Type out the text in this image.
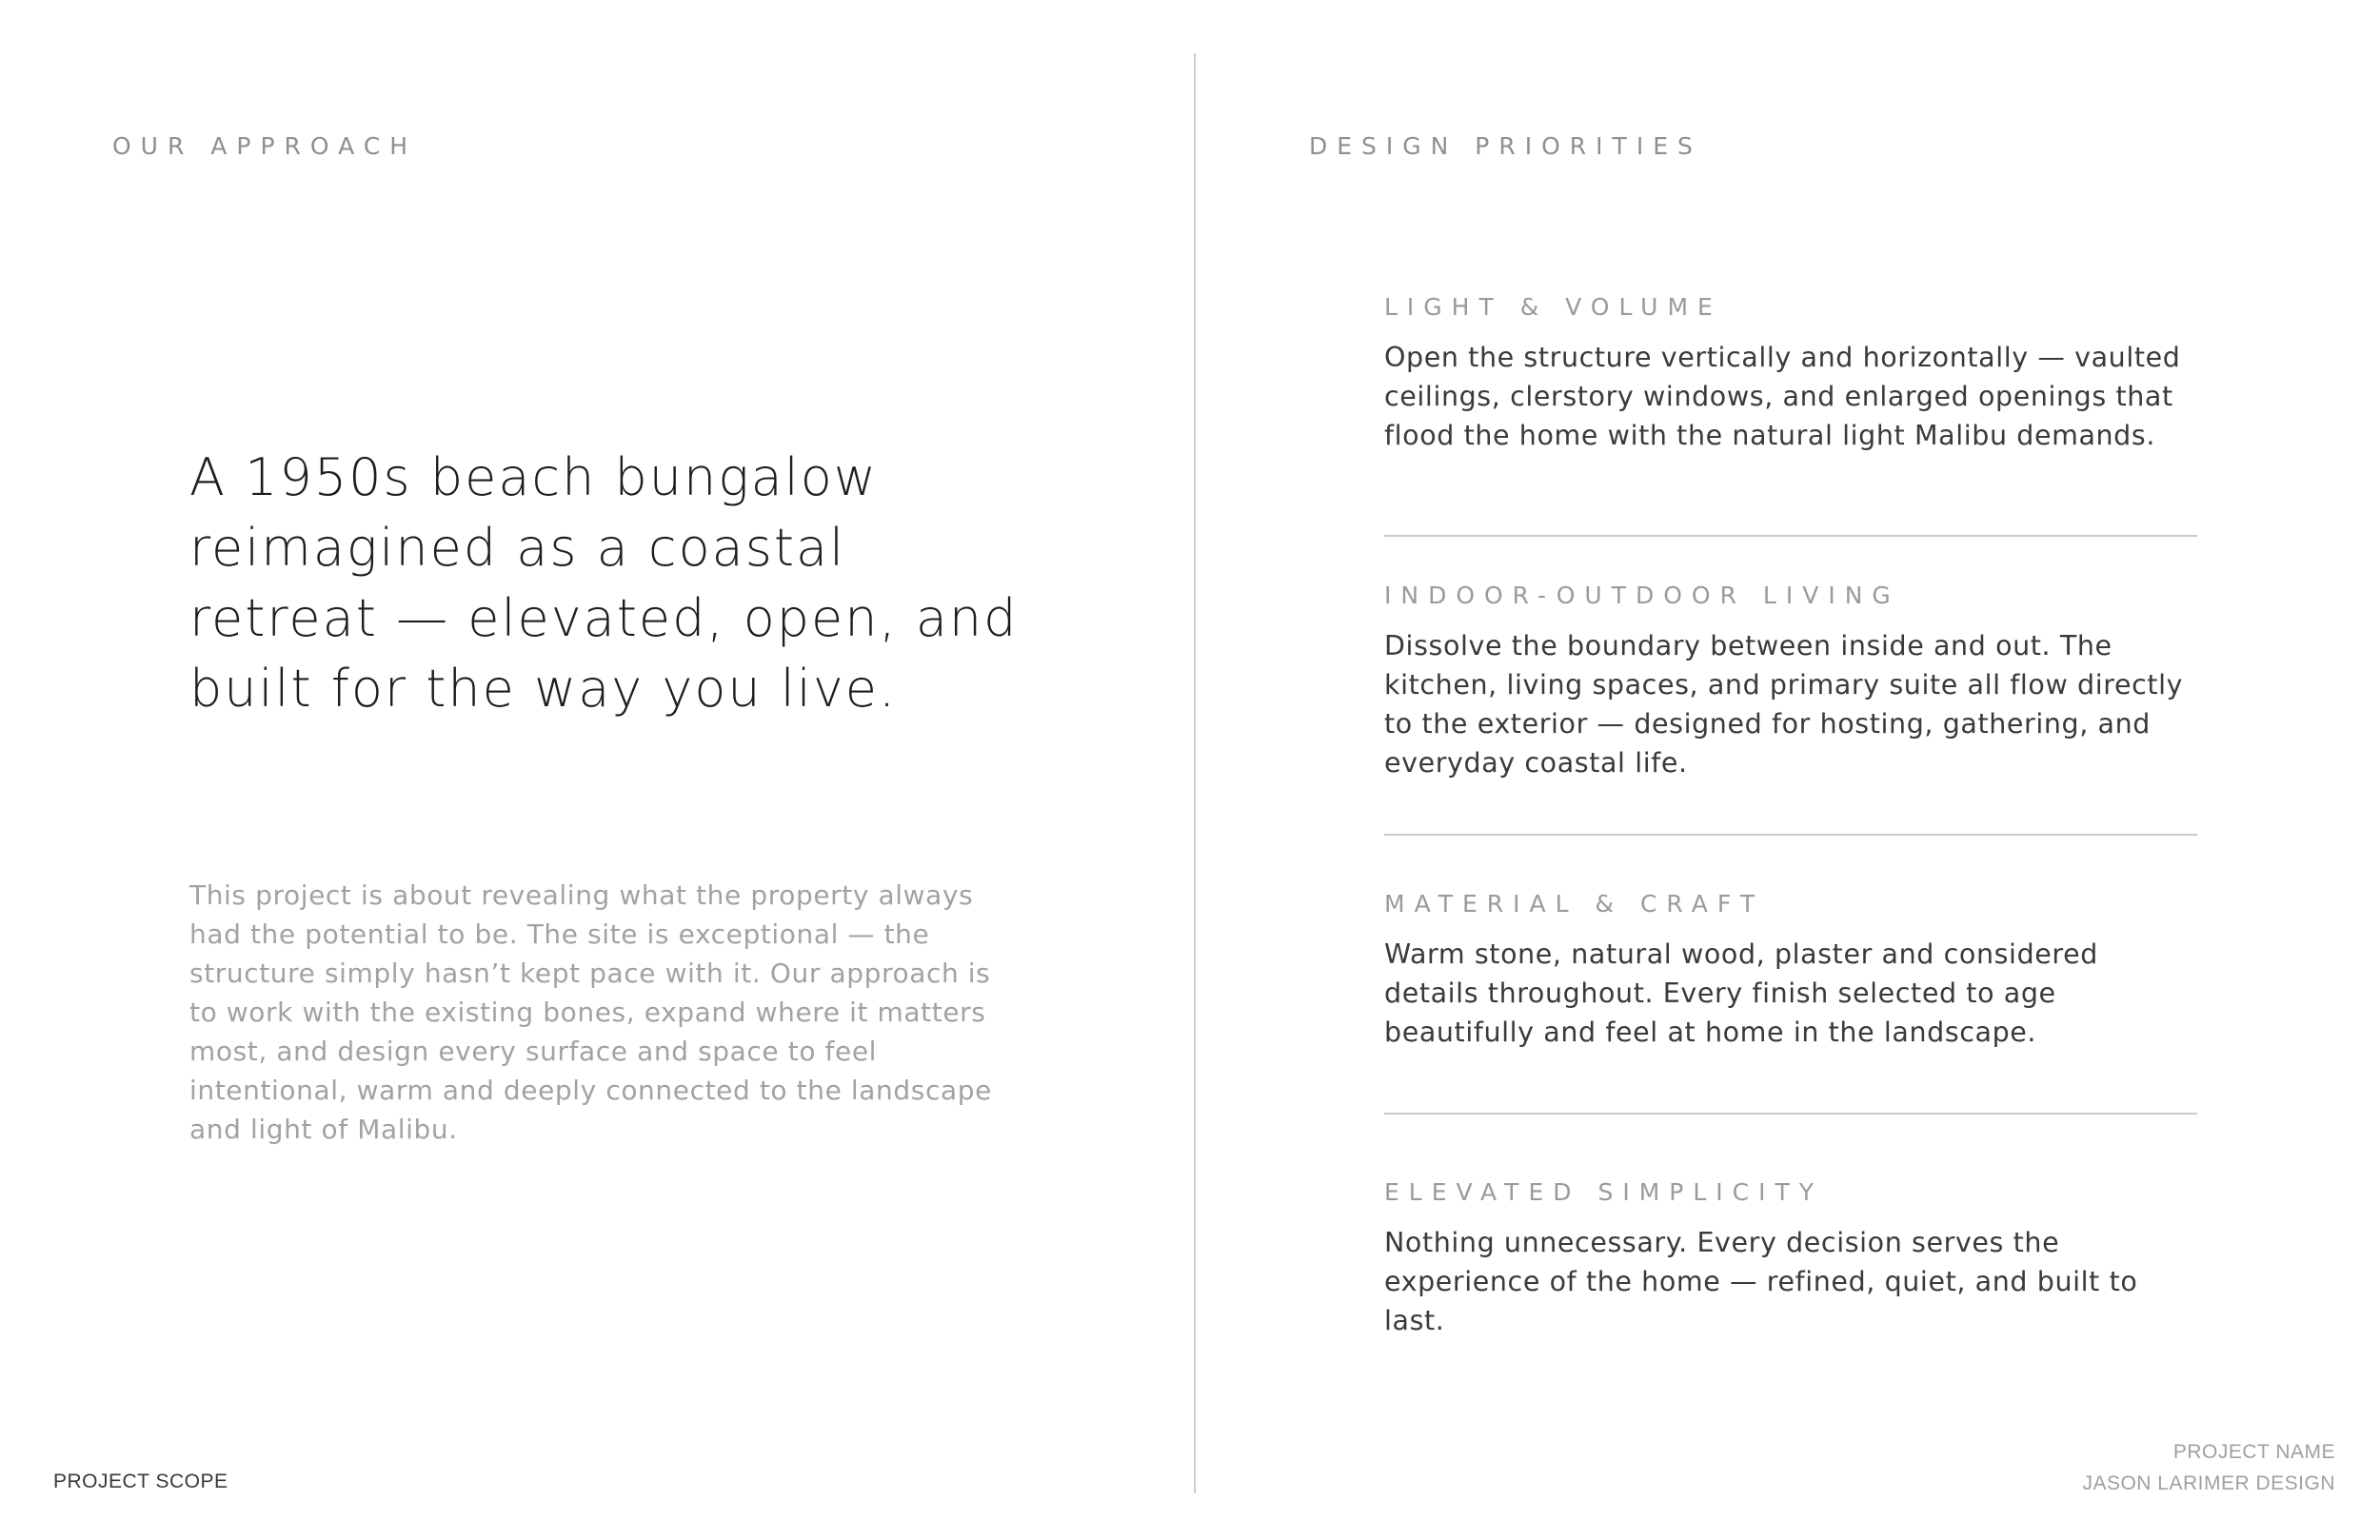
OUR APPROACH	DESIGN PRIORITIES

A 1950s beach bungalow reimagined as a coastal retreat — elevated, open, and built for the way you live.

This project is about revealing what the property always had the potential to be. The site is exceptional — the structure simply hasn’t kept pace with it. Our approach is to work with the existing bones, expand where it matters most, and design every surface and space to feel intentional, warm and deeply connected to the landscape and light of Malibu.

LIGHT & VOLUME

Open the structure vertically and horizontally — vaulted ceilings, clerstory windows, and enlarged openings that flood the home with the natural light Malibu demands.

INDOOR-OUTDOOR LIVING

Dissolve the boundary between inside and out. The kitchen, living spaces, and primary suite all flow directly to the exterior — designed for hosting, gathering, and everyday coastal life.

MATERIAL & CRAFT

Warm stone, natural wood, plaster and considered details throughout. Every finish selected to age beautifully and feel at home in the landscape.

ELEVATED SIMPLICITY

Nothing unnecessary. Every decision serves the experience of the home — refined, quiet, and built to last.

PROJECT SCOPE

PROJECT NAME

JASON LARIMER DESIGN
